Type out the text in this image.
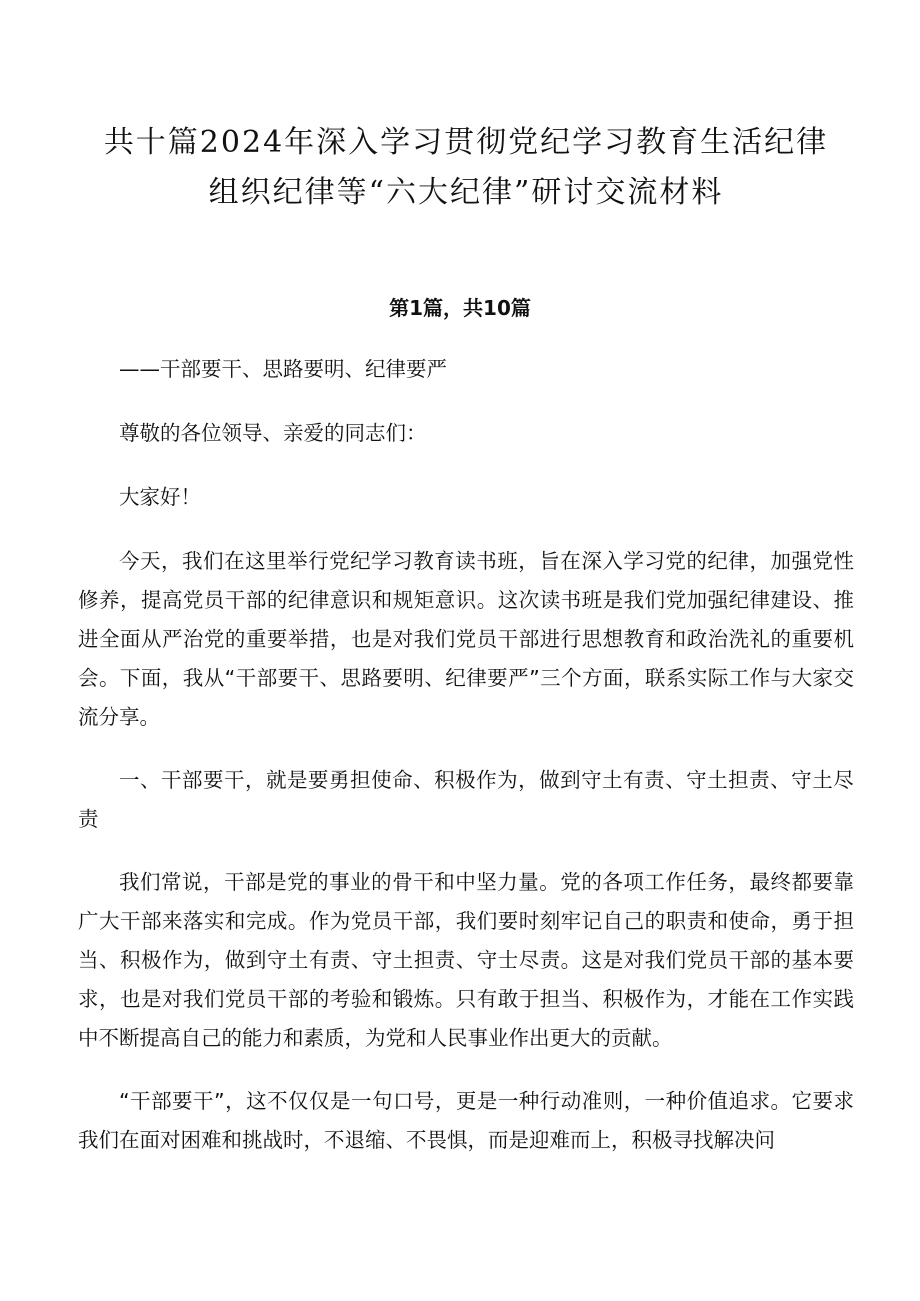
共十篇2024年深入学习贯彻党纪学习教育生活纪律
组织纪律等“六大纪律”研讨交流材料
第1篇，共10篇

——干部要干、思路要明、纪律要严

尊敬的各位领导、亲爱的同志们：

大家好！

今天，我们在这里举行党纪学习教育读书班，旨在深入学习党的纪律，加强党性修养，提高党员干部的纪律意识和规矩意识。这次读书班是我们党加强纪律建设、推进全面从严治党的重要举措，也是对我们党员干部进行思想教育和政治洗礼的重要机会。下面，我从“干部要干、思路要明、纪律要严”三个方面，联系实际工作与大家交流分享。

一、干部要干，就是要勇担使命、积极作为，做到守土有责、守土担责、守土尽责

我们常说，干部是党的事业的骨干和中坚力量。党的各项工作任务，最终都要靠广大干部来落实和完成。作为党员干部，我们要时刻牢记自己的职责和使命，勇于担当、积极作为，做到守土有责、守土担责、守士尽责。这是对我们党员干部的基本要求，也是对我们党员干部的考验和锻炼。只有敢于担当、积极作为，才能在工作实践中不断提高自己的能力和素质，为党和人民事业作出更大的贡献。

“干部要干”，这不仅仅是一句口号，更是一种行动准则，一种价值追求。它要求我们在面对困难和挑战时，不退缩、不畏惧，而是迎难而上，积极寻找解决问
